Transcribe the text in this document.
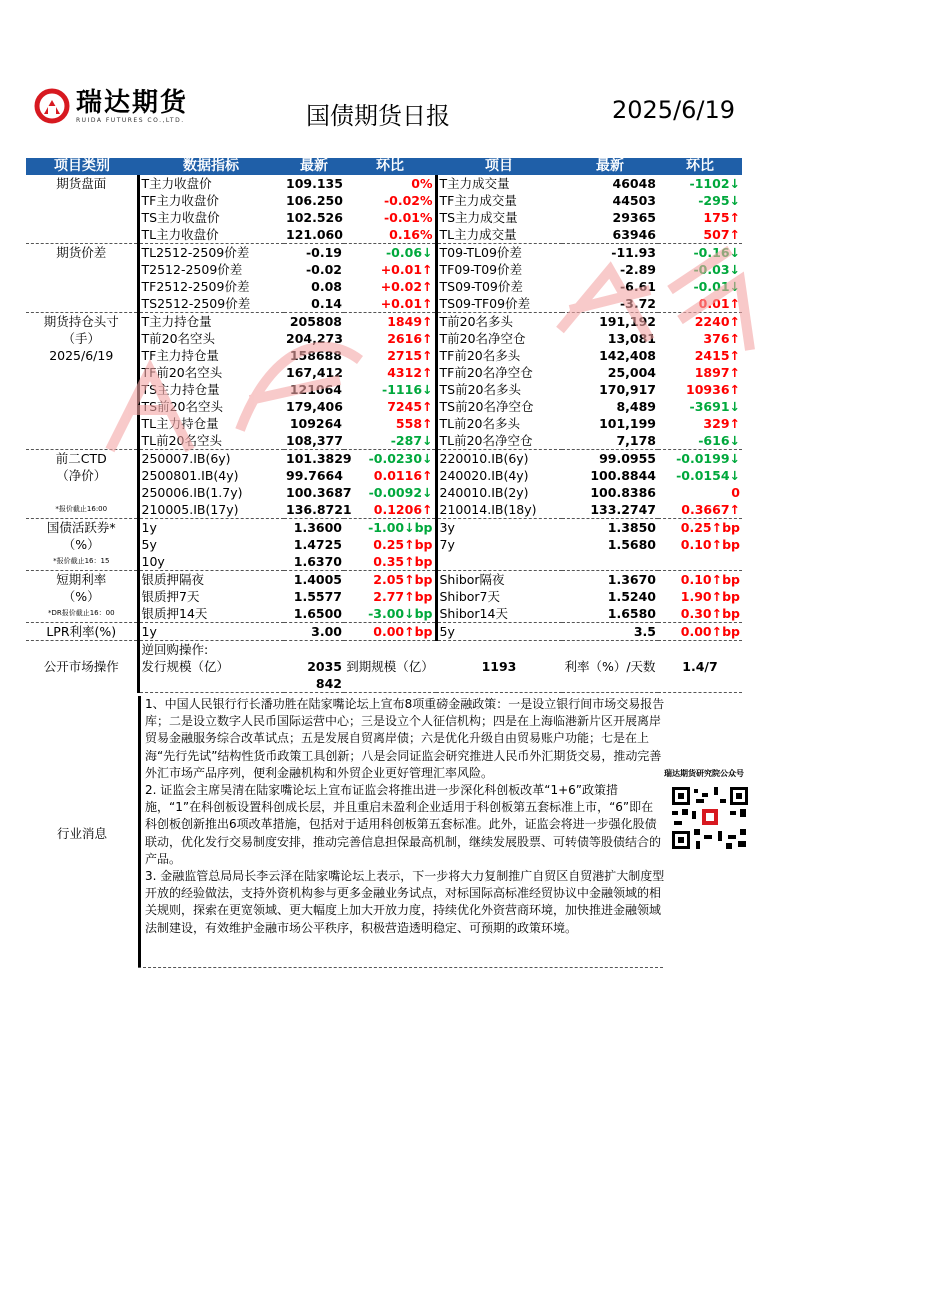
瑞达期货
RUIDA FUTURES CO.,LTD.	国债期货日报	2025/6/19
项目类别	数据指标	最新	环比	项目	最新	环比
期货盘面	T主力收盘价	109.135	0%	T主力成交量	46048	-1102↓
	TF主力收盘价	106.250	-0.02%	TF主力成交量	44503	-295↓
	TS主力收盘价	102.526	-0.01%	TS主力成交量	29365	175↑
	TL主力收盘价	121.060	0.16%	TL主力成交量	63946	507↑
期货价差	TL2512-2509价差	-0.19	-0.06↓	T09-TL09价差	-11.93	-0.16↓
	T2512-2509价差	-0.02	+0.01↑	TF09-T09价差	-2.89	-0.03↓
	TF2512-2509价差	0.08	+0.02↑	TS09-T09价差	-6.61	-0.01↓
	TS2512-2509价差	0.14	+0.01↑	TS09-TF09价差	-3.72	0.01↑
期货持仓头寸	T主力持仓量	205808	1849↑	T前20名多头	191,192	2240↑
（手）	T前20名空头	204,273	2616↑	T前20名净空仓	13,081	376↑
2025/6/19	TF主力持仓量	158688	2715↑	TF前20名多头	142,408	2415↑
	TF前20名空头	167,412	4312↑	TF前20名净空仓	25,004	1897↑
	TS主力持仓量	121064	-1116↓	TS前20名多头	170,917	10936↑
	TS前20名空头	179,406	7245↑	TS前20名净空仓	8,489	-3691↓
	TL主力持仓量	109264	558↑	TL前20名多头	101,199	329↑
	TL前20名空头	108,377	-287↓	TL前20名净空仓	7,178	-616↓
前二CTD	250007.IB(6y)	101.3829	-0.0230↓	220010.IB(6y)	99.0955	-0.0199↓
（净价）	2500801.IB(4y)	99.7664	0.0116↑	240020.IB(4y)	100.8844	-0.0154↓
	250006.IB(1.7y)	100.3687	-0.0092↓	240010.IB(2y)	100.8386	0
*报价截止16:00	210005.IB(17y)	136.8721	0.1206↑	210014.IB(18y)	133.2747	0.3667↑
国债活跃券*	1y	1.3600	-1.00↓bp	3y	1.3850	0.25↑bp
（%）	5y	1.4725	0.25↑bp	7y	1.5680	0.10↑bp
*报价截止16：15	10y	1.6370	0.35↑bp			
短期利率	银质押隔夜	1.4005	2.05↑bp	Shibor隔夜	1.3670	0.10↑bp
（%）	银质押7天	1.5577	2.77↑bp	Shibor7天	1.5240	1.90↑bp
*DR报价截止16：00	银质押14天	1.6500	-3.00↓bp	Shibor14天	1.6580	0.30↑bp
LPR利率(%)	1y	3.00	0.00↑bp	5y	3.5	0.00↑bp
公开市场操作	逆回购操作:					
	发行规模（亿）	2035	到期规模（亿）	1193	利率（%）/天数	1.4/7
		842				
行业消息

1、中国人民银行行长潘功胜在陆家嘴论坛上宣布8项重磅金融政策：一是设立银行间市场交易报告库；二是设立数字人民币国际运营中心；三是设立个人征信机构；四是在上海临港新片区开展离岸贸易金融服务综合改革试点；五是发展自贸离岸债；六是优化升级自由贸易账户功能；七是在上海“先行先试”结构性货币政策工具创新；八是会同证监会研究推进人民币外汇期货交易，推动完善外汇市场产品序列，便利金融机构和外贸企业更好管理汇率风险。

2. 证监会主席吴清在陆家嘴论坛上宣布证监会将推出进一步深化科创板改革“1+6”政策措施，“1”在科创板设置科创成长层，并且重启未盈利企业适用于科创板第五套标准上市，“6”即在科创板创新推出6项改革措施，包括对于适用科创板第五套标准。此外，证监会将进一步强化股债联动，优化发行交易制度安排，推动完善信息担保最高机制，继续发展股票、可转债等股债结合的产品。

3. 金融监管总局局长李云泽在陆家嘴论坛上表示，下一步将大力复制推广自贸区自贸港扩大制度型开放的经验做法，支持外资机构参与更多金融业务试点，对标国际高标准经贸协议中金融领域的相关规则，探索在更宽领域、更大幅度上加大开放力度，持续优化外资营商环境，加快推进金融领域法制建设，有效维护金融市场公平秩序，积极营造透明稳定、可预期的政策环境。

瑞达期货研究院公众号
